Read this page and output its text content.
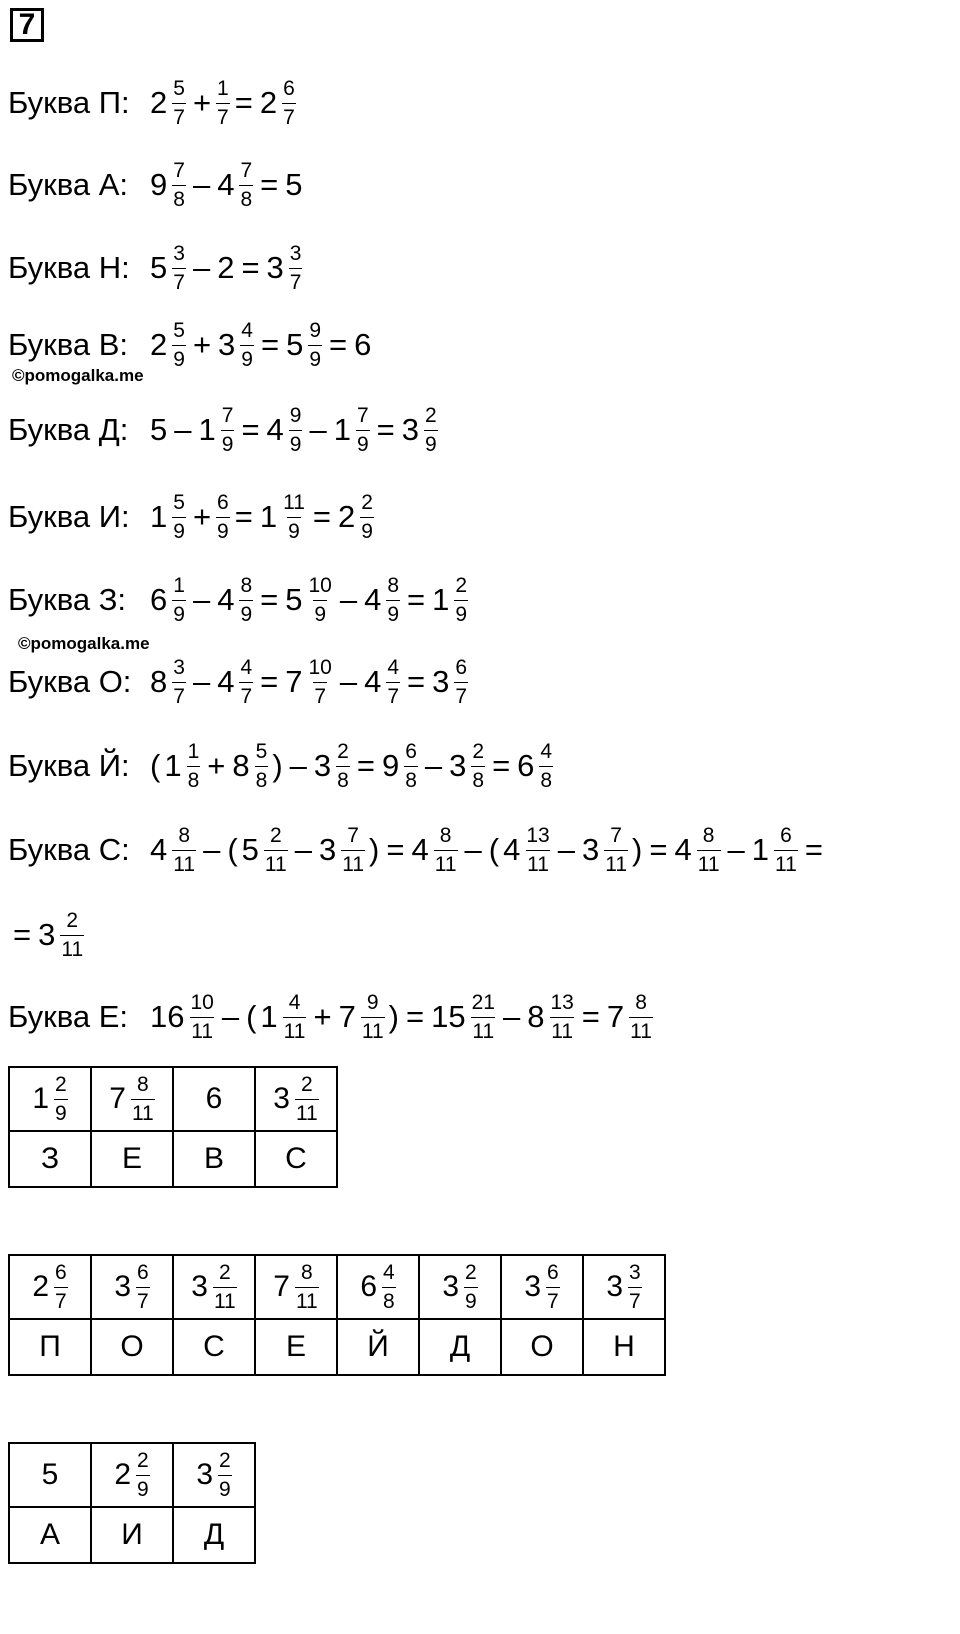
7
Буква П: $2 \frac{5}{7} + \frac{1}{7} = 2 \frac{6}{7}$
Буква А: $9 \frac{7}{8} - 4 \frac{7}{8} = 5$
Буква Н: $5 \frac{3}{7} - 2 = 3 \frac{3}{7}$
Буква В: $2 \frac{5}{9} + 3 \frac{4}{9} = 5 \frac{9}{9} = 6$
©pomogalka.me
Буква Д: $5 - 1 \frac{7}{9} = 4 \frac{9}{9} - 1 \frac{7}{9} = 3 \frac{2}{9}$
Буква И: $1 \frac{5}{9} + \frac{6}{9} = 1 \frac{11}{9} = 2 \frac{2}{9}$
Буква З: $6 \frac{1}{9} - 4 \frac{8}{9} = 5 \frac{10}{9} - 4 \frac{8}{9} = 1 \frac{2}{9}$
©pomogalka.me
Буква О: $8 \frac{3}{7} - 4 \frac{4}{7} = 7 \frac{10}{7} - 4 \frac{4}{7} = 3 \frac{6}{7}$
Буква Й: ( $1 \frac{1}{8} + 8 \frac{5}{8}$ ) – $3 \frac{2}{8} = 9 \frac{6}{8} - 3 \frac{2}{8} = 6 \frac{4}{8}$
Буква С: $4 \frac{8}{11}$ – ( $5 \frac{2}{11} - 3 \frac{7}{11}$ ) = $4 \frac{8}{11}$ – ( $4 \frac{13}{11} - 3 \frac{7}{11}$ ) = $4 \frac{8}{11} - 1 \frac{6}{11}$ =
= $3 \frac{2}{11}$
Буква Е: $16 \frac{10}{11}$ – ( $1 \frac{4}{11} + 7 \frac{9}{11}$ ) = $15 \frac{21}{11} - 8 \frac{13}{11} = 7 \frac{8}{11}$
$1 \frac{2}{9}$	$7 \frac{8}{11}$	6	$3 \frac{2}{11}$

З	Е	В	С
$2 \frac{6}{7}$	$3 \frac{6}{7}$	$3 \frac{2}{11}$	$7 \frac{8}{11}$	$6 \frac{4}{8}$	$3 \frac{2}{9}$	$3 \frac{6}{7}$	$3 \frac{3}{7}$

П	О	С	Е	Й	Д	О	Н
5	$2 \frac{2}{9}$	$3 \frac{2}{9}$

А	И	Д
